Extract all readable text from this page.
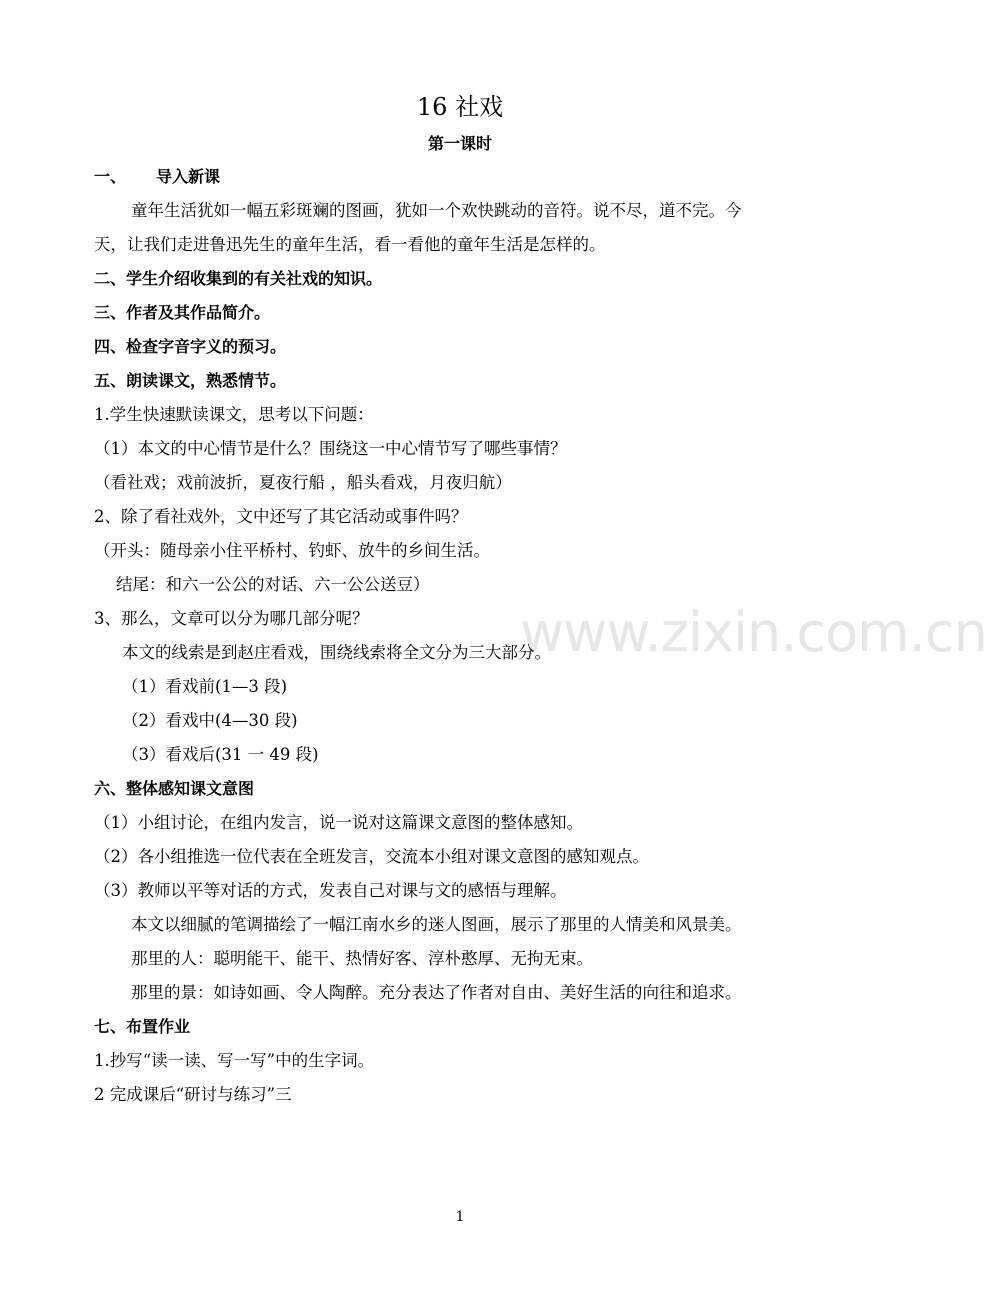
www.zixin.com.cn
16 社戏
第一课时
一、 导入新课
童年生活犹如一幅五彩斑斓的图画，犹如一个欢快跳动的音符。说不尽，道不完。今
天，让我们走进鲁迅先生的童年生活，看一看他的童年生活是怎样的。
二、学生介绍收集到的有关社戏的知识。
三、作者及其作品简介。
四、检查字音字义的预习。
五、朗读课文，熟悉情节。
1.学生快速默读课文，思考以下问题：
（1）本文的中心情节是什么？围绕这一中心情节写了哪些事情？
（看社戏；戏前波折，夏夜行船 ，船头看戏，月夜归航）
2、除了看社戏外，文中还写了其它活动或事件吗？
（开头：随母亲小住平桥村、钓虾、放牛的乡间生活。
结尾：和六一公公的对话、六一公公送豆）
3、那么，文章可以分为哪几部分呢？
本文的线索是到赵庄看戏，围绕线索将全文分为三大部分。
（1）看戏前(1—3 段)
（2）看戏中(4—30 段)
（3）看戏后(31 一 49 段)
六、整体感知课文意图
（1）小组讨论，在组内发言，说一说对这篇课文意图的整体感知。
（2）各小组推选一位代表在全班发言，交流本小组对课文意图的感知观点。
（3）教师以平等对话的方式，发表自己对课与文的感悟与理解。
本文以细腻的笔调描绘了一幅江南水乡的迷人图画，展示了那里的人情美和风景美。
那里的人：聪明能干、能干、热情好客、淳朴憨厚、无拘无束。
那里的景：如诗如画、令人陶醉。充分表达了作者对自由、美好生活的向往和追求。
七、布置作业
1.抄写“读一读、写一写”中的生字词。
2 完成课后“研讨与练习”三
1
